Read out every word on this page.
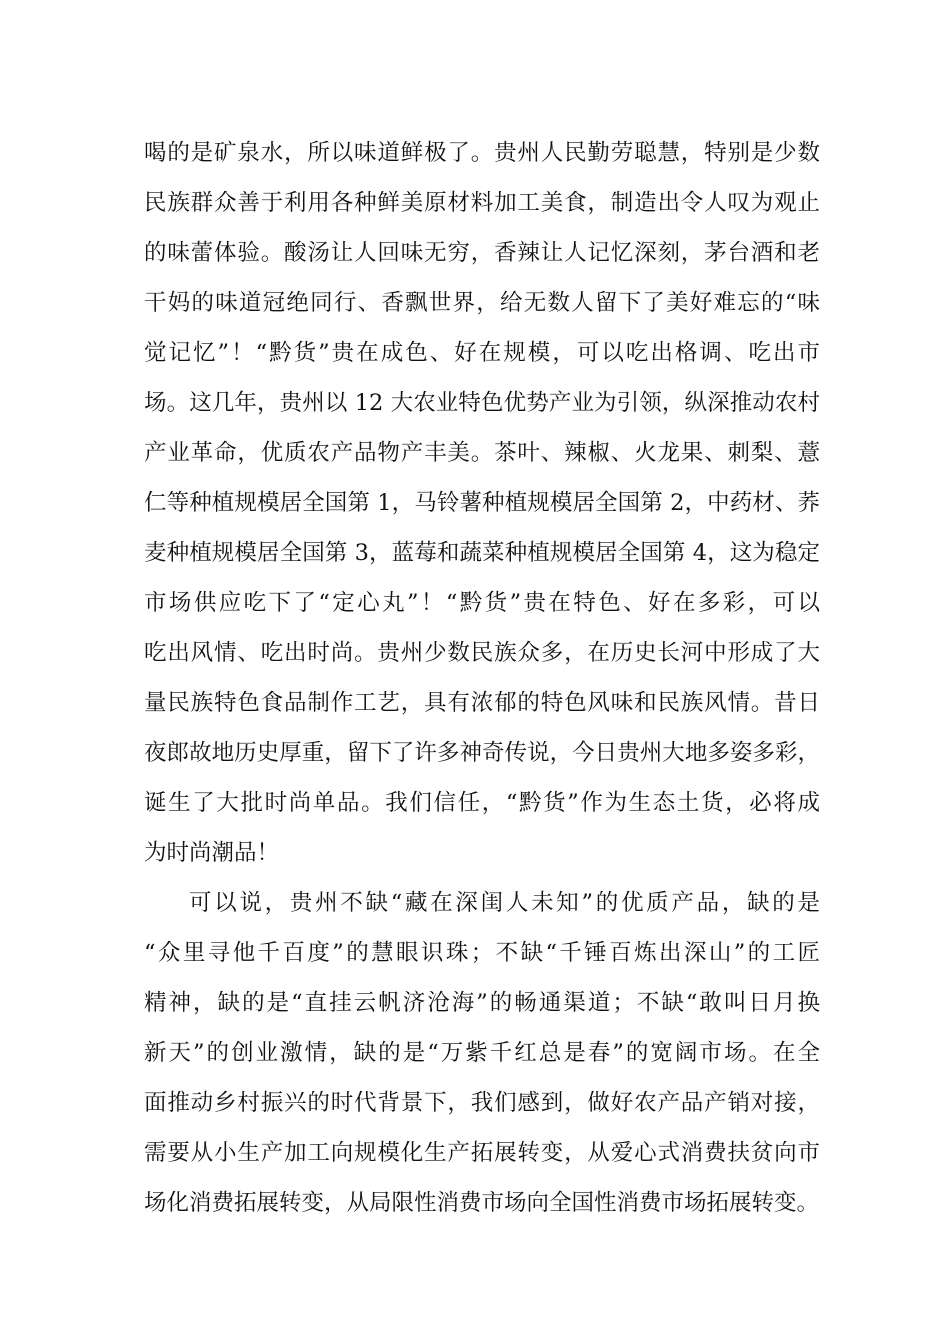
喝的是矿泉水，所以味道鲜极了。贵州人民勤劳聪慧，特别是少数
民族群众善于利用各种鲜美原材料加工美食，制造出令人叹为观止
的味蕾体验。酸汤让人回味无穷，香辣让人记忆深刻，茅台酒和老
干妈的味道冠绝同行、香飘世界，给无数人留下了美好难忘的“味
觉记忆”！“黔货”贵在成色、好在规模，可以吃出格调、吃出市
场。这几年，贵州以 12 大农业特色优势产业为引领，纵深推动农村
产业革命，优质农产品物产丰美。茶叶、辣椒、火龙果、刺梨、薏
仁等种植规模居全国第 1，马铃薯种植规模居全国第 2，中药材、荞
麦种植规模居全国第 3，蓝莓和蔬菜种植规模居全国第 4，这为稳定
市场供应吃下了“定心丸”！“黔货”贵在特色、好在多彩，可以
吃出风情、吃出时尚。贵州少数民族众多，在历史长河中形成了大
量民族特色食品制作工艺，具有浓郁的特色风味和民族风情。昔日
夜郎故地历史厚重，留下了许多神奇传说，今日贵州大地多姿多彩，
诞生了大批时尚单品。我们信任，“黔货”作为生态土货，必将成
为时尚潮品！
可以说，贵州不缺“藏在深闺人未知”的优质产品，缺的是
“众里寻他千百度”的慧眼识珠；不缺“千锤百炼出深山”的工匠
精神，缺的是“直挂云帆济沧海”的畅通渠道；不缺“敢叫日月换
新天”的创业激情，缺的是“万紫千红总是春”的宽阔市场。在全
面推动乡村振兴的时代背景下，我们感到，做好农产品产销对接，
需要从小生产加工向规模化生产拓展转变，从爱心式消费扶贫向市
场化消费拓展转变，从局限性消费市场向全国性消费市场拓展转变。
